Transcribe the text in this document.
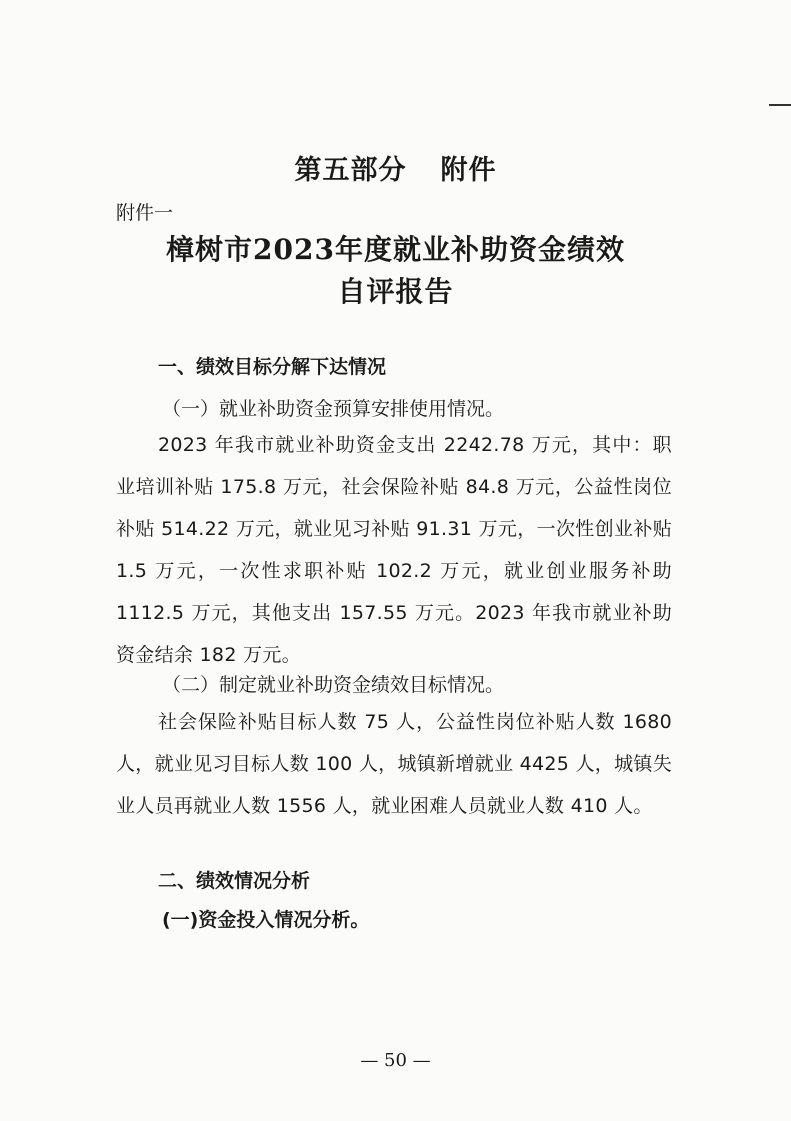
第五部分 附件
附件一
樟树市2023年度就业补助资金绩效
自评报告
一、绩效目标分解下达情况
（一）就业补助资金预算安排使用情况。
2023 年我市就业补助资金支出 2242.78 万元，其中：职业培训补贴 175.8 万元，社会保险补贴 84.8 万元，公益性岗位补贴 514.22 万元，就业见习补贴 91.31 万元，一次性创业补贴 1.5 万元，一次性求职补贴 102.2 万元，就业创业服务补助 1112.5 万元，其他支出 157.55 万元。2023 年我市就业补助资金结余 182 万元。
（二）制定就业补助资金绩效目标情况。
社会保险补贴目标人数 75 人，公益性岗位补贴人数 1680 人，就业见习目标人数 100 人，城镇新增就业 4425 人，城镇失业人员再就业人数 1556 人，就业困难人员就业人数 410 人。
二、绩效情况分析
(一)资金投入情况分析。
— 50 —
